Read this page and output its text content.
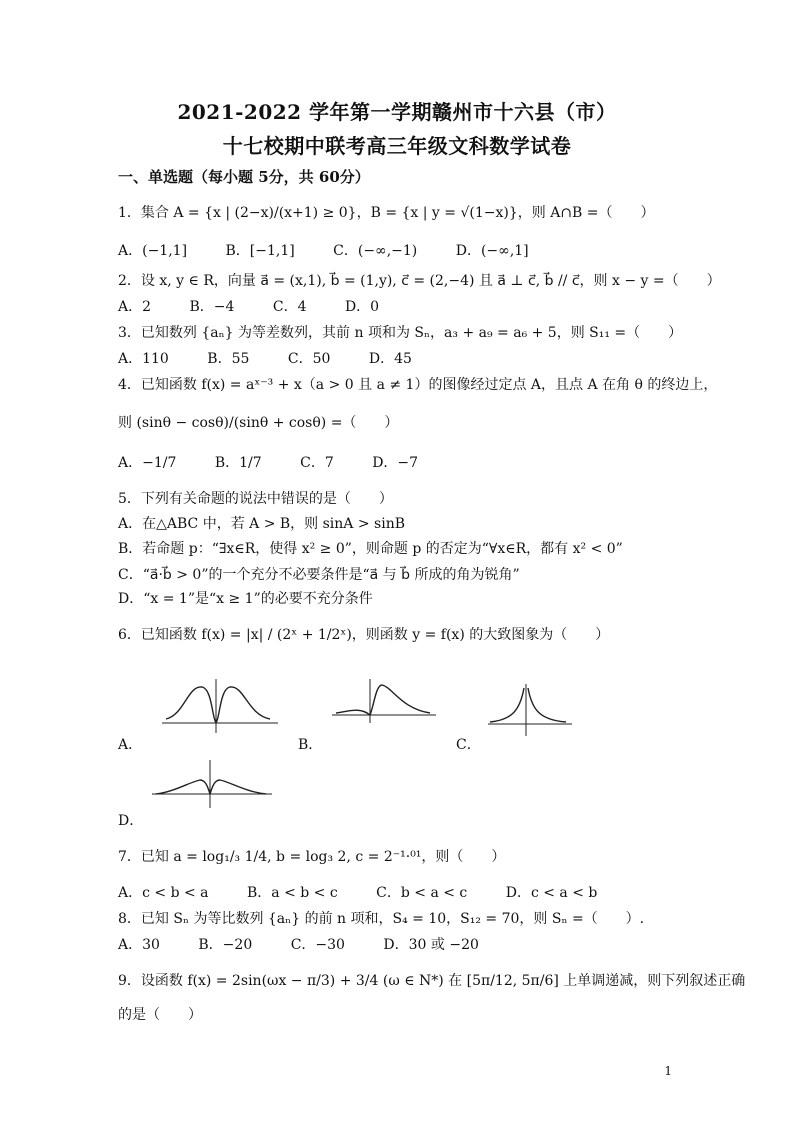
2021-2022 学年第一学期赣州市十六县（市）
十七校期中联考高三年级文科数学试卷
一、单选题（每小题 5分，共 60分）
1．集合 A = {x | (2−x)/(x+1) ≥ 0}，B = {x | y = √(1−x)}，则 A∩B =（　　）
A．(−1,1]	B．[−1,1]	C．(−∞,−1)	D．(−∞,1]
2．设 x, y ∈ R，向量 a⃗ = (x,1), b⃗ = (1,y), c⃗ = (2,−4) 且 a⃗ ⊥ c⃗, b⃗ // c⃗，则 x − y =（　　）
A．2	B．−4	C．4	D．0
3．已知数列 {aₙ} 为等差数列，其前 n 项和为 Sₙ，a₃ + a₉ = a₆ + 5，则 S₁₁ =（　　）
A．110	B．55	C．50	D．45
4．已知函数 f(x) = aˣ⁻³ + x（a > 0 且 a ≠ 1）的图像经过定点 A，且点 A 在角 θ 的终边上，
则 (sinθ − cosθ)/(sinθ + cosθ) =（　　）
A．−1/7	B．1/7	C．7	D．−7
5．下列有关命题的说法中错误的是（　　）
A．在△ABC 中，若 A > B，则 sinA > sinB
B．若命题 p：“∃x∈R，使得 x² ≥ 0”，则命题 p 的否定为“∀x∈R，都有 x² < 0”
C．“a⃗·b⃗ > 0”的一个充分不必要条件是“a⃗ 与 b⃗ 所成的角为锐角”
D．“x = 1”是“x ≥ 1”的必要不充分条件
6．已知函数 f(x) = |x| / (2ˣ + 1/2ˣ)，则函数 y = f(x) 的大致图象为（　　）
A．	B．	C．
D．
7．已知 a = log₁/₃ 1/4, b = log₃ 2, c = 2⁻¹·⁰¹，则（　　）
A．c < b < a	B．a < b < c	C．b < a < c	D．c < a < b
8．已知 Sₙ 为等比数列 {aₙ} 的前 n 项和，S₄ = 10，S₁₂ = 70，则 Sₙ =（　　）.
A．30	B．−20	C．−30	D．30 或 −20
9．设函数 f(x) = 2sin(ωx − π/3) + 3/4 (ω ∈ N*) 在 [5π/12, 5π/6] 上单调递减，则下列叙述正确
的是（　　）
1
